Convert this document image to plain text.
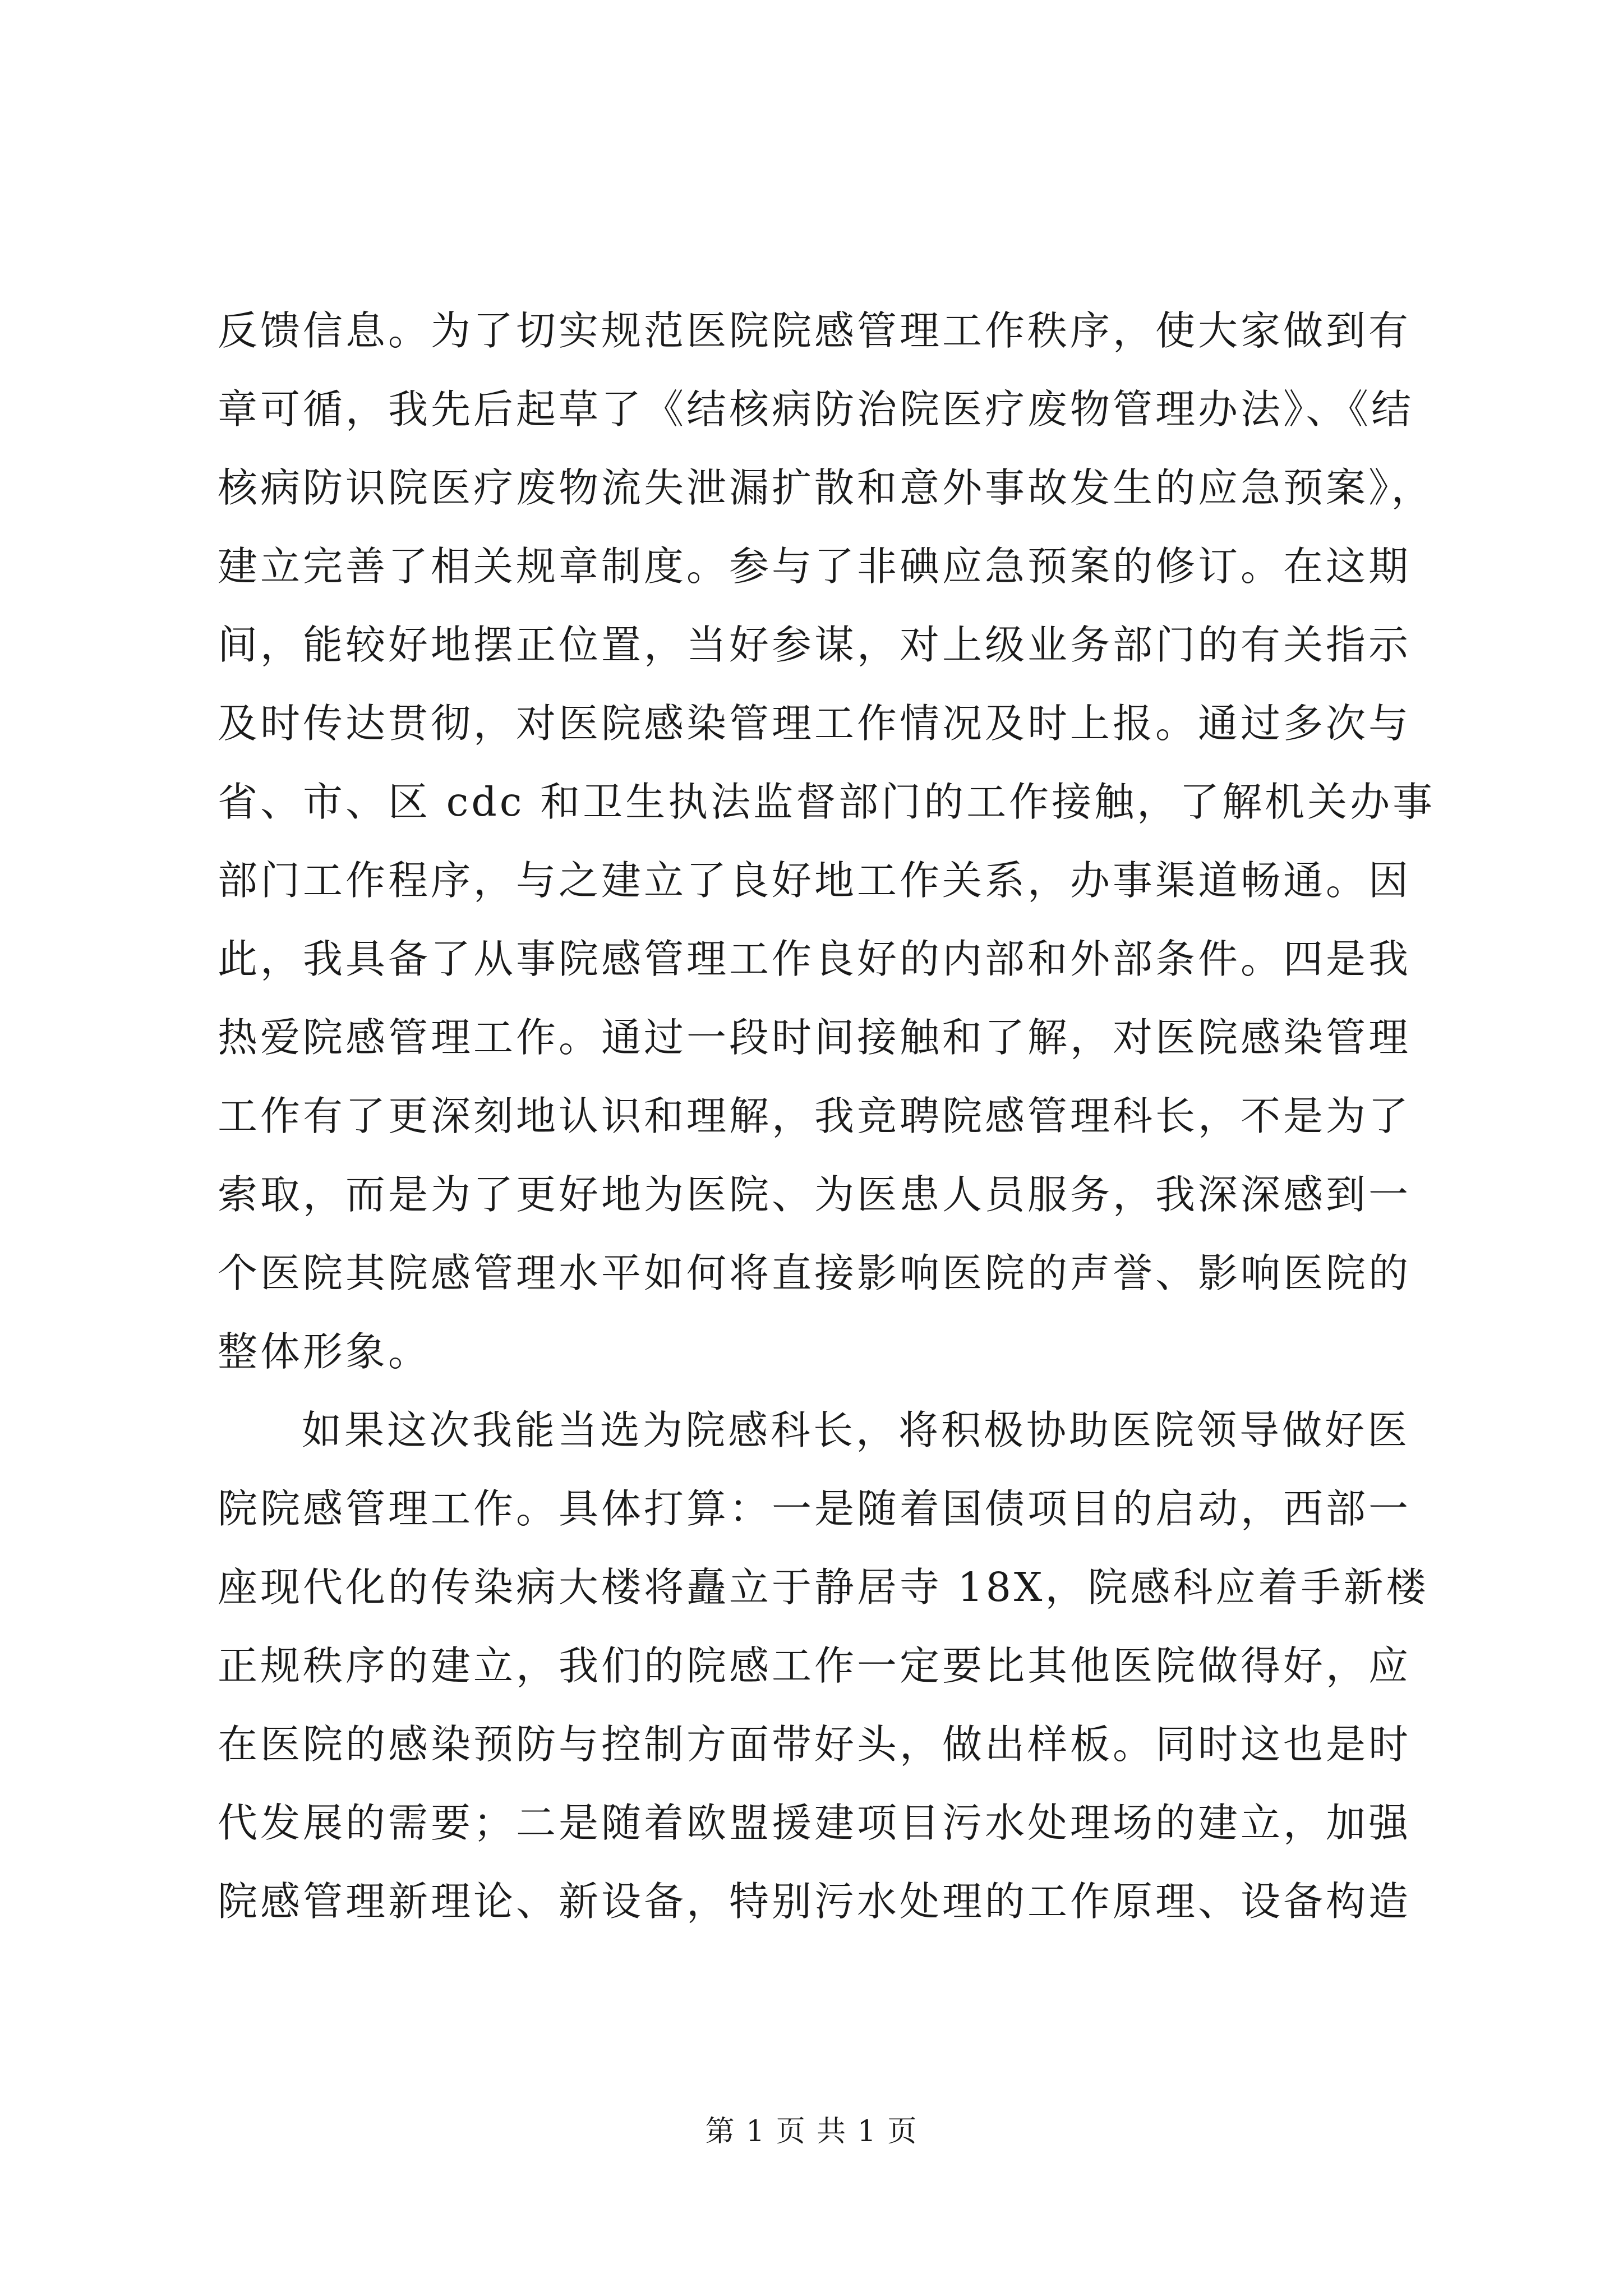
反馈信息。为了切实规范医院院感管理工作秩序，使大家做到有
章可循，我先后起草了《结核病防治院医疗废物管理办法》、《结
核病防识院医疗废物流失泄漏扩散和意外事故发生的应急预案》，
建立完善了相关规章制度。参与了非碘应急预案的修订。在这期
间，能较好地摆正位置，当好参谋，对上级业务部门的有关指示
及时传达贯彻，对医院感染管理工作情况及时上报。通过多次与
省、市、区 cdc 和卫生执法监督部门的工作接触，了解机关办事
部门工作程序，与之建立了良好地工作关系，办事渠道畅通。因
此，我具备了从事院感管理工作良好的内部和外部条件。四是我
热爱院感管理工作。通过一段时间接触和了解，对医院感染管理
工作有了更深刻地认识和理解，我竞聘院感管理科长，不是为了
索取，而是为了更好地为医院、为医患人员服务，我深深感到一
个医院其院感管理水平如何将直接影响医院的声誉、影响医院的
整体形象。
如果这次我能当选为院感科长，将积极协助医院领导做好医
院院感管理工作。具体打算：一是随着国债项目的启动，西部一
座现代化的传染病大楼将矗立于静居寺 18X，院感科应着手新楼
正规秩序的建立，我们的院感工作一定要比其他医院做得好，应
在医院的感染预防与控制方面带好头，做出样板。同时这也是时
代发展的需要；二是随着欧盟援建项目污水处理场的建立，加强
院感管理新理论、新设备，特别污水处理的工作原理、设备构造
第 1 页 共 1 页
